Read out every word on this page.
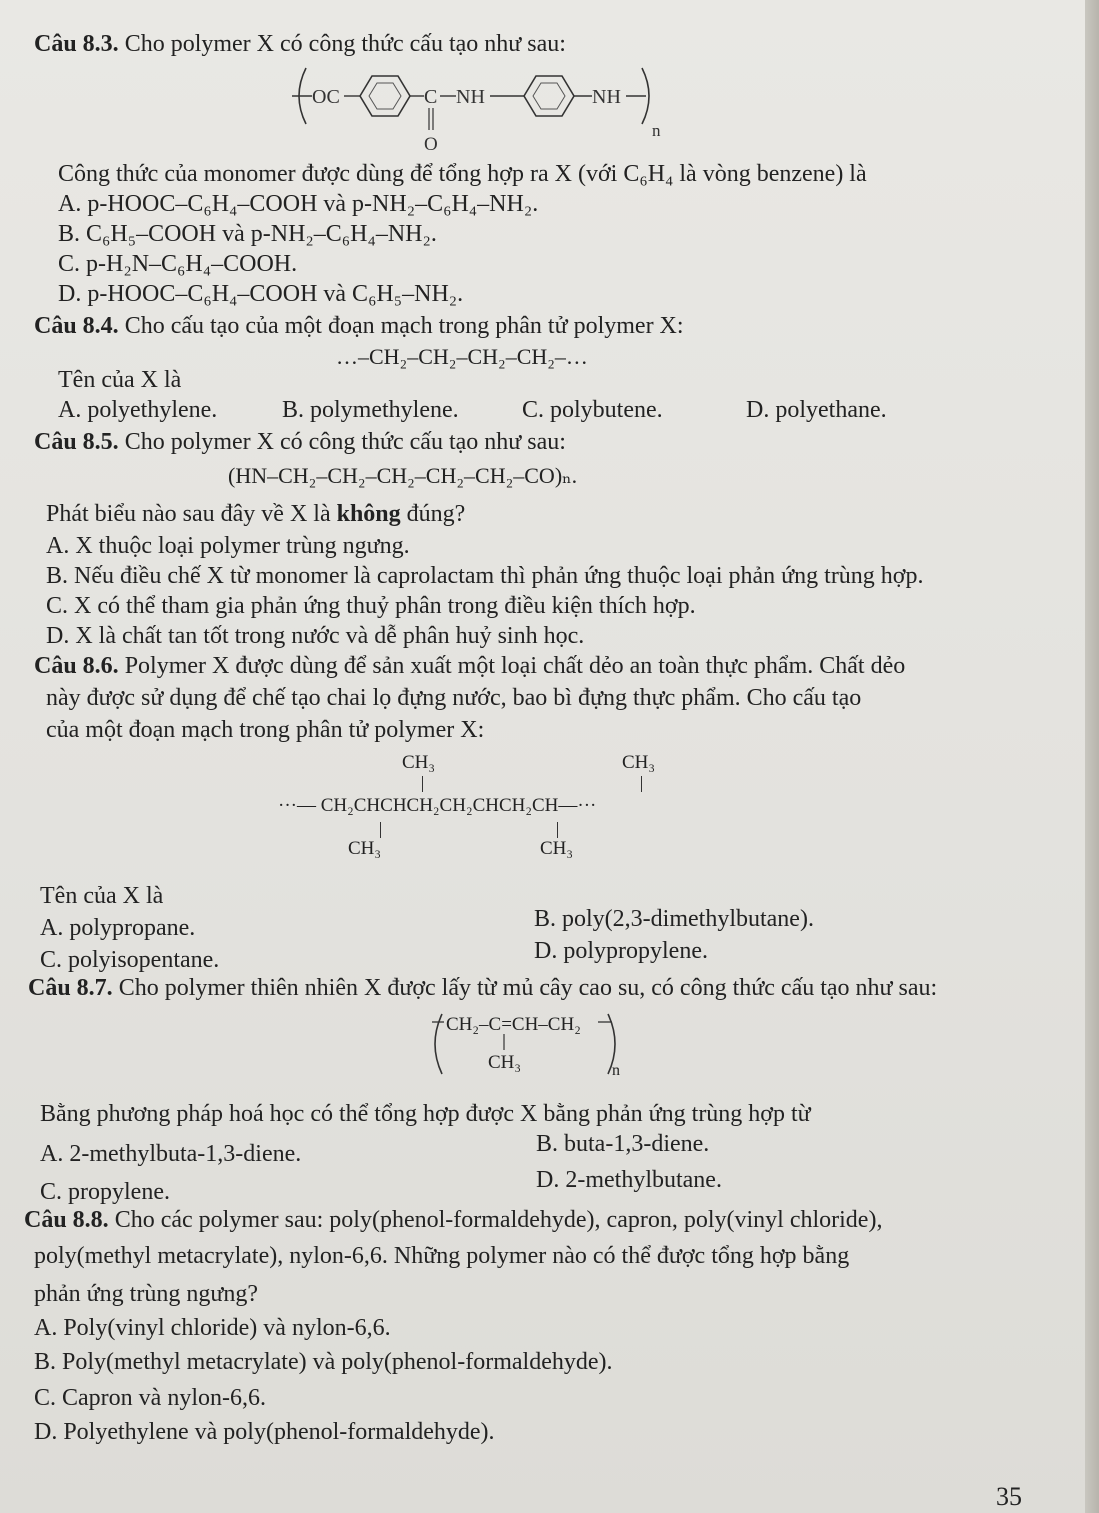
Câu 8.3. Cho polymer X có công thức cấu tạo như sau:
OC	C
O
NH	NH
n
Công thức của monomer được dùng để tổng hợp ra X (với C₆H₄ là vòng benzene) là
A. p-HOOC–C₆H₄–COOH và p-NH₂–C₆H₄–NH₂.
B. C₆H₅–COOH và p-NH₂–C₆H₄–NH₂.
C. p-H₂N–C₆H₄–COOH.
D. p-HOOC–C₆H₄–COOH và C₆H₅–NH₂.
Câu 8.4. Cho cấu tạo của một đoạn mạch trong phân tử polymer X:
…–CH₂–CH₂–CH₂–CH₂–…
Tên của X là
A. polyethylene.	B. polymethylene.	C. polybutene.	D. polyethane.
Câu 8.5. Cho polymer X có công thức cấu tạo như sau:
(HN–CH₂–CH₂–CH₂–CH₂–CH₂–CO)ₙ.
Phát biểu nào sau đây về X là không đúng?
A. X thuộc loại polymer trùng ngưng.
B. Nếu điều chế X từ monomer là caprolactam thì phản ứng thuộc loại phản ứng trùng hợp.
C. X có thể tham gia phản ứng thuỷ phân trong điều kiện thích hợp.
D. X là chất tan tốt trong nước và dễ phân huỷ sinh học.
Câu 8.6. Polymer X được dùng để sản xuất một loại chất dẻo an toàn thực phẩm. Chất dẻo
này được sử dụng để chế tạo chai lọ đựng nước, bao bì đựng thực phẩm. Cho cấu tạo
của một đoạn mạch trong phân tử polymer X:
CH₃	CH₃
···— CH₂CHCHCH₂CH₂CHCH₂CH—···
CH₃	CH₃
Tên của X là
A. polypropane.	B. poly(2,3-dimethylbutane).
C. polyisopentane.	D. polypropylene.
Câu 8.7. Cho polymer thiên nhiên X được lấy từ mủ cây cao su, có công thức cấu tạo như sau:
CH₂–C=CH–CH₂
CH₃	n
Bằng phương pháp hoá học có thể tổng hợp được X bằng phản ứng trùng hợp từ
A. 2-methylbuta-1,3-diene.	B. buta-1,3-diene.
C. propylene.	D. 2-methylbutane.
Câu 8.8. Cho các polymer sau: poly(phenol-formaldehyde), capron, poly(vinyl chloride),
poly(methyl metacrylate), nylon-6,6. Những polymer nào có thể được tổng hợp bằng
phản ứng trùng ngưng?
A. Poly(vinyl chloride) và nylon-6,6.
B. Poly(methyl metacrylate) và poly(phenol-formaldehyde).
C. Capron và nylon-6,6.
D. Polyethylene và poly(phenol-formaldehyde).
35
